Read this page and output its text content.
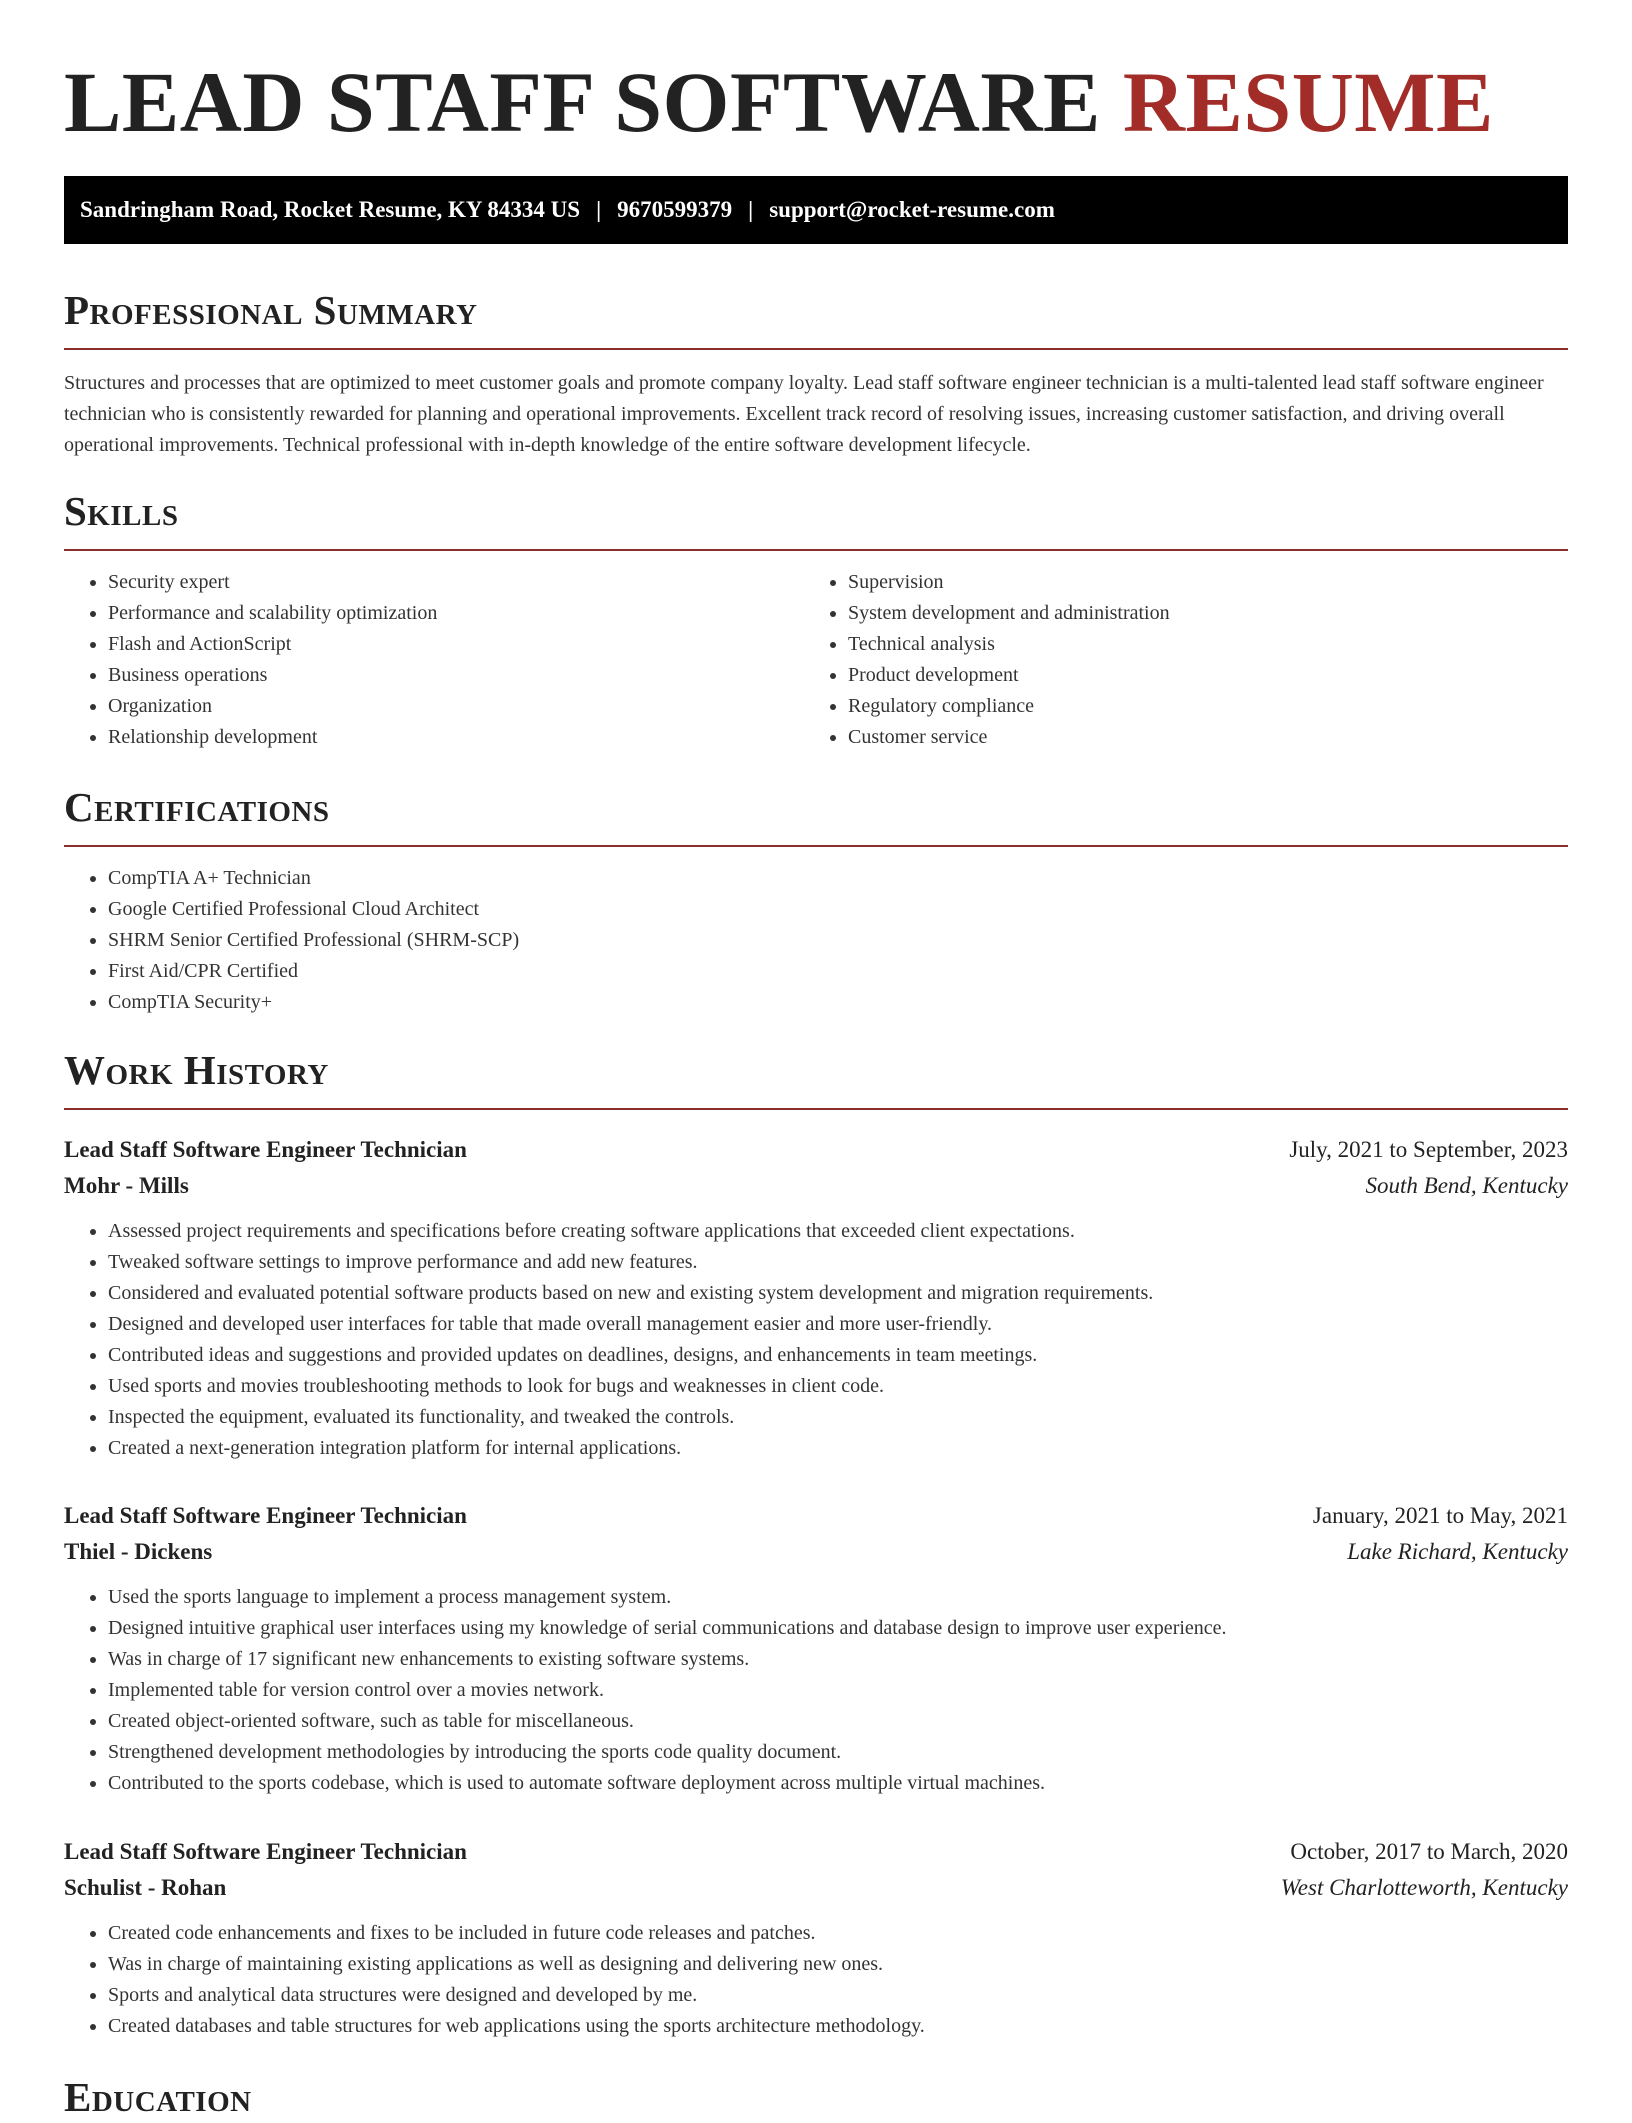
LEAD STAFF SOFTWARE RESUME
Sandringham Road, Rocket Resume, KY 84334 US | 9670599379 | support@rocket-resume.com
Professional Summary

Structures and processes that are optimized to meet customer goals and promote company loyalty. Lead staff software engineer technician is a multi-talented lead staff software engineer technician who is consistently rewarded for planning and operational improvements. Excellent track record of resolving issues, increasing customer satisfaction, and driving overall operational improvements. Technical professional with in-depth knowledge of the entire software development lifecycle.

Skills
• Security expert
• Performance and scalability optimization
• Flash and ActionScript
• Business operations
• Organization
• Relationship development
• Supervision
• System development and administration
• Technical analysis
• Product development
• Regulatory compliance
• Customer service
Certifications
• CompTIA A+ Technician
• Google Certified Professional Cloud Architect
• SHRM Senior Certified Professional (SHRM-SCP)
• First Aid/CPR Certified
• CompTIA Security+
Work History
Lead Staff Software Engineer Technician	July, 2021 to September, 2023
Mohr - Mills	South Bend, Kentucky
• Assessed project requirements and specifications before creating software applications that exceeded client expectations.
• Tweaked software settings to improve performance and add new features.
• Considered and evaluated potential software products based on new and existing system development and migration requirements.
• Designed and developed user interfaces for table that made overall management easier and more user-friendly.
• Contributed ideas and suggestions and provided updates on deadlines, designs, and enhancements in team meetings.
• Used sports and movies troubleshooting methods to look for bugs and weaknesses in client code.
• Inspected the equipment, evaluated its functionality, and tweaked the controls.
• Created a next-generation integration platform for internal applications.
Lead Staff Software Engineer Technician	January, 2021 to May, 2021
Thiel - Dickens	Lake Richard, Kentucky
• Used the sports language to implement a process management system.
• Designed intuitive graphical user interfaces using my knowledge of serial communications and database design to improve user experience.
• Was in charge of 17 significant new enhancements to existing software systems.
• Implemented table for version control over a movies network.
• Created object-oriented software, such as table for miscellaneous.
• Strengthened development methodologies by introducing the sports code quality document.
• Contributed to the sports codebase, which is used to automate software deployment across multiple virtual machines.
Lead Staff Software Engineer Technician	October, 2017 to March, 2020
Schulist - Rohan	West Charlotteworth, Kentucky
• Created code enhancements and fixes to be included in future code releases and patches.
• Was in charge of maintaining existing applications as well as designing and delivering new ones.
• Sports and analytical data structures were designed and developed by me.
• Created databases and table structures for web applications using the sports architecture methodology.
Education
